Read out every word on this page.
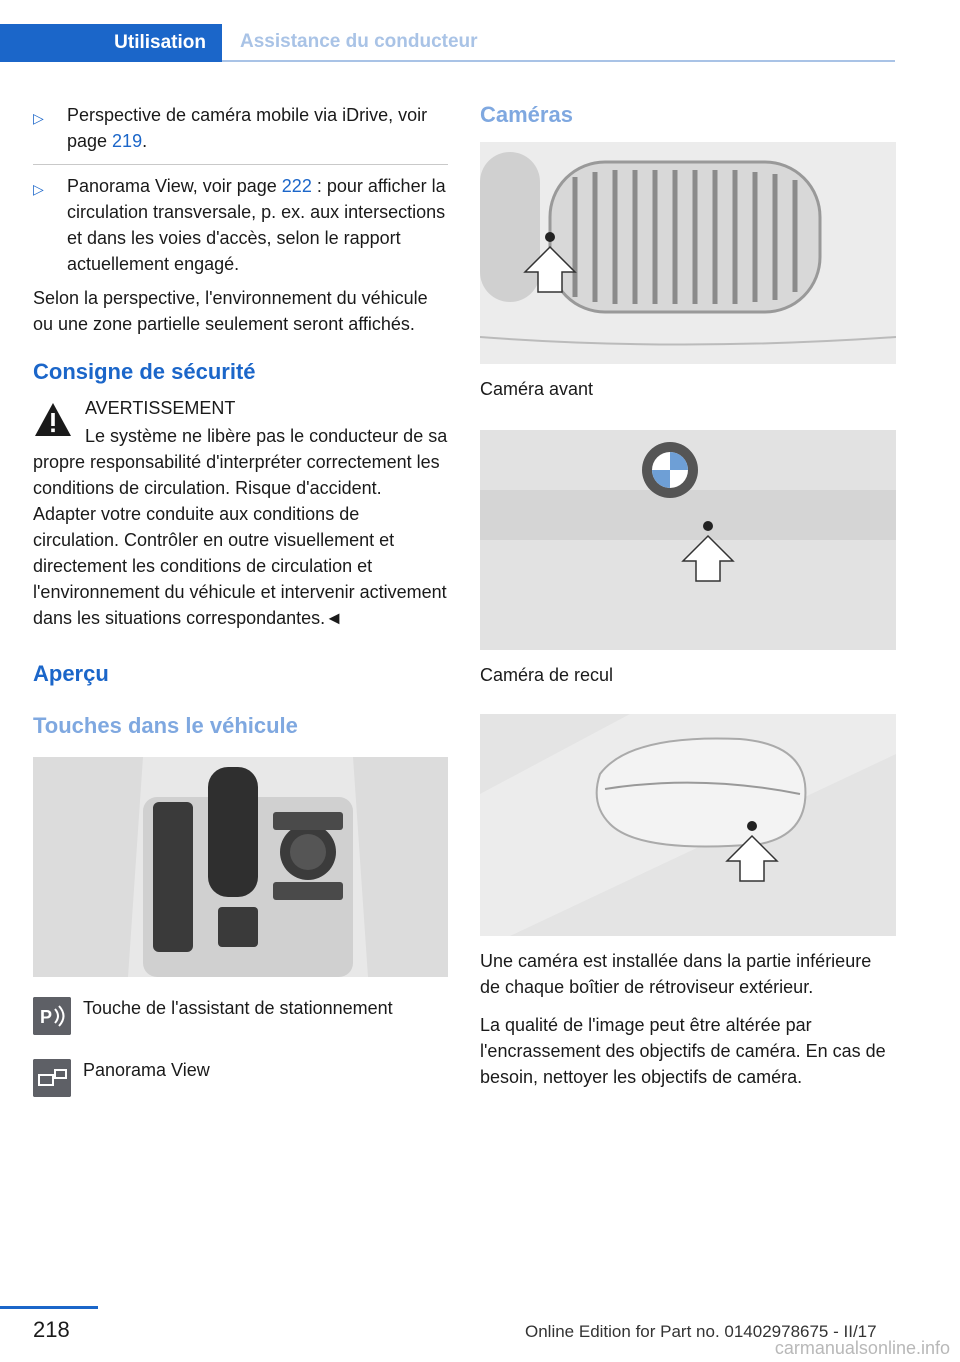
Utilisation	Assistance du conducteur
▷ Perspective de caméra mobile via iDrive, voir page 219.
▷ Panorama View, voir page 222 : pour afficher la circulation transversale, p. ex. aux intersections et dans les voies d'accès, selon le rapport actuellement engagé.

Selon la perspective, l'environnement du véhicule ou une zone partielle seulement seront affichés.

Consigne de sécurité

AVERTISSEMENT

Le système ne libère pas le conducteur de sa propre responsabilité d'interpréter correctement les conditions de circulation. Risque d'accident. Adapter votre conduite aux conditions de circulation. Contrôler en outre visuellement et directement les conditions de circulation et l'environnement du véhicule et intervenir activement dans les situations correspondantes.◄

Aperçu
Touches dans le véhicule
P Touche de l'assistant de stationnement

Panorama View

Caméras

Caméra avant

Caméra de recul

Une caméra est installée dans la partie inférieure de chaque boîtier de rétroviseur extérieur.

La qualité de l'image peut être altérée par l'encrassement des objectifs de caméra. En cas de besoin, nettoyer les objectifs de caméra.

218	Online Edition for Part no. 01402978675 - II/17
carmanualsonline.info
